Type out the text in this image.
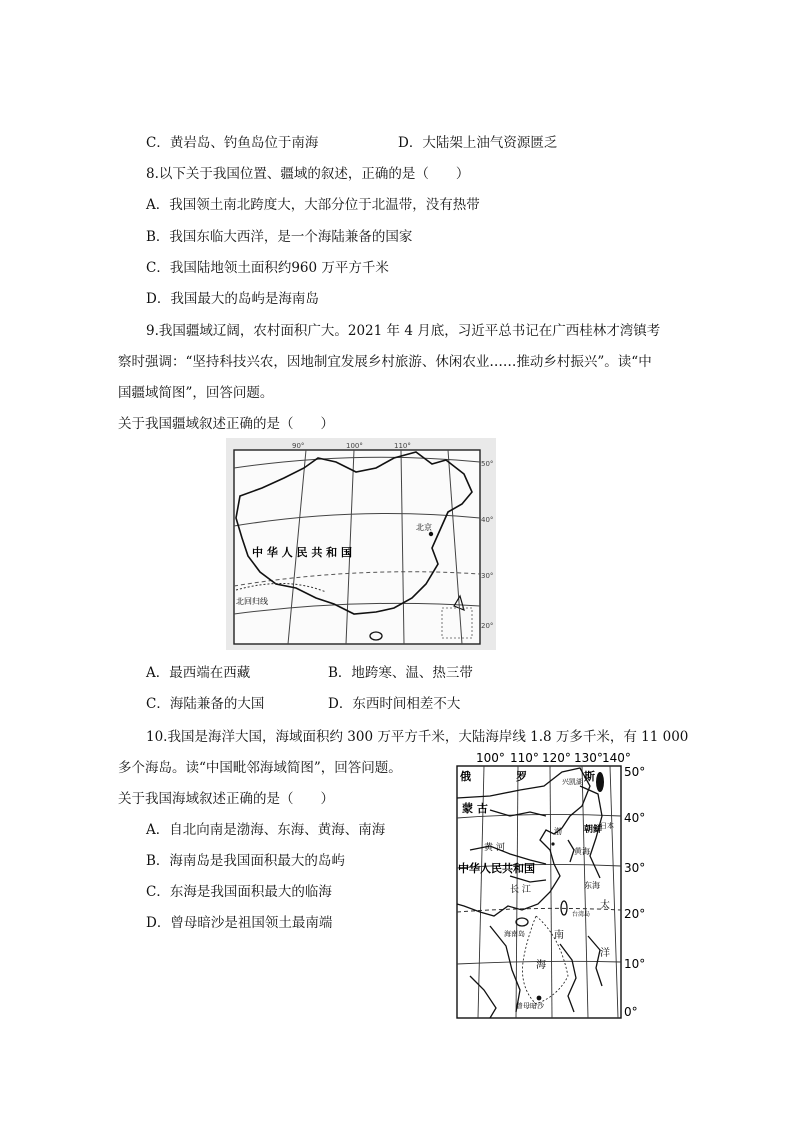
C．黄岩岛、钓鱼岛位于南海	D．大陆架上油气资源匮乏
8.以下关于我国位置、疆域的叙述，正确的是（　　）
A．我国领土南北跨度大，大部分位于北温带，没有热带
B．我国东临大西洋，是一个海陆兼备的国家
C．我国陆地领土面积约960 万平方千米
D．我国最大的岛屿是海南岛
9.我国疆域辽阔，农村面积广大。2021 年 4 月底，习近平总书记在广西桂林才湾镇考
察时强调：“坚持科技兴农，因地制宜发展乡村旅游、休闲农业……推动乡村振兴”。读“中
国疆域简图”，回答问题。
关于我国疆域叙述正确的是（　　）
中 华 人 民 共 和 国
北京
北回归线
90°	100°	110°
50°
40°
30°
20°
A．最西端在西藏	B．地跨寒、温、热三带
C．海陆兼备的大国	D．东西时间相差不大
10.我国是海洋大国，海域面积约 300 万平方千米，大陆海岸线 1.8 万多千米，有 11 000
多个海岛。读“中国毗邻海域简图”，回答问题。
关于我国海域叙述正确的是（　　）
A．自北向南是渤海、东海、黄海、南海
B．海南岛是我国面积最大的岛屿
C．东海是我国面积最大的临海
D．曾母暗沙是祖国领土最南端
100° 110° 120° 130° 140°
50°
40°
30°
20°
10°
0°
俄	罗	斯
兴凯湖
蒙 古
朝鲜
日本
渤
黄 河	黄海
中华人民共和国
长 江	东海
太
台湾岛
海南岛	南
洋
海
曾母暗沙
